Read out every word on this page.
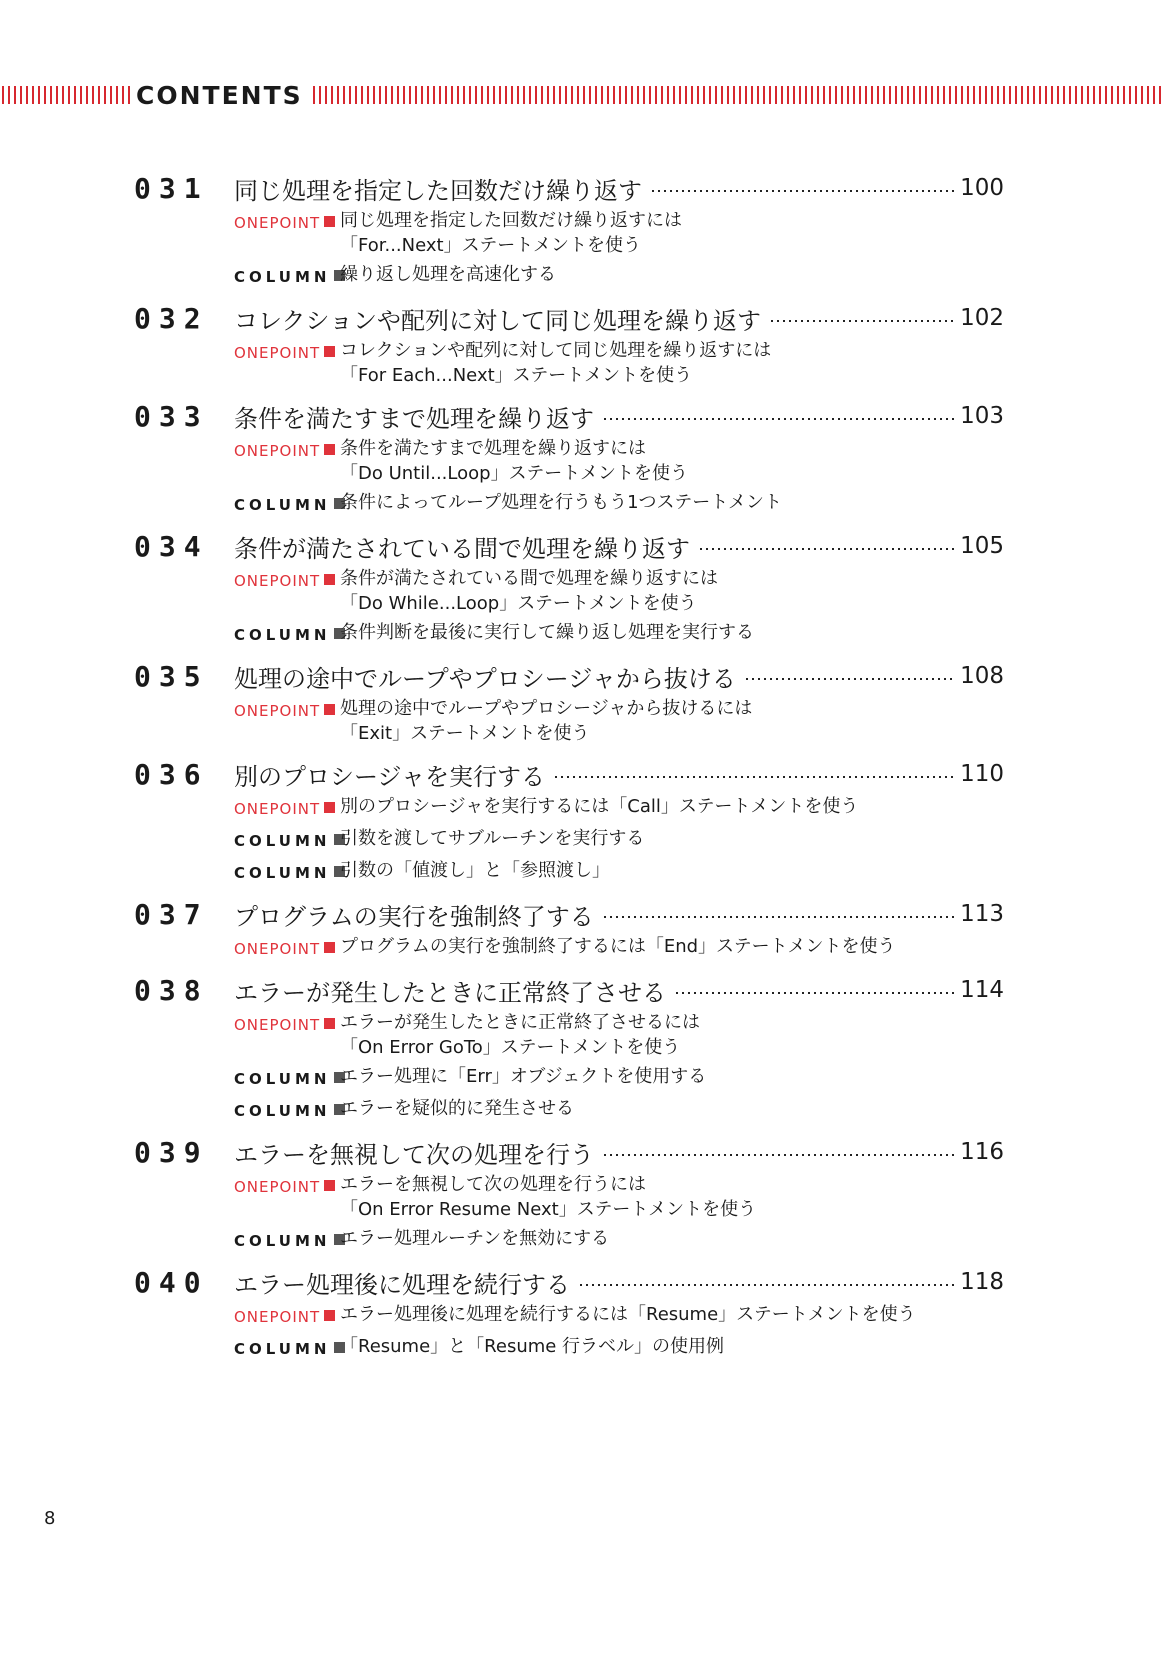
CONTENTS
031	同じ処理を指定した回数だけ繰り返す	100
ONEPOINT	同じ処理を指定した回数だけ繰り返すには
「For...Next」ステートメントを使う
COLUMN 繰り返し処理を高速化する
032	コレクションや配列に対して同じ処理を繰り返す	102
ONEPOINT	コレクションや配列に対して同じ処理を繰り返すには
「For Each...Next」ステートメントを使う
033	条件を満たすまで処理を繰り返す	103
ONEPOINT	条件を満たすまで処理を繰り返すには
「Do Until...Loop」ステートメントを使う
COLUMN 条件によってループ処理を行うもう1つステートメント
034	条件が満たされている間で処理を繰り返す	105
ONEPOINT	条件が満たされている間で処理を繰り返すには
「Do While...Loop」ステートメントを使う
COLUMN 条件判断を最後に実行して繰り返し処理を実行する
035	処理の途中でループやプロシージャから抜ける	108
ONEPOINT	処理の途中でループやプロシージャから抜けるには
「Exit」ステートメントを使う
036	別のプロシージャを実行する	110
ONEPOINT	別のプロシージャを実行するには「Call」ステートメントを使う
COLUMN 引数を渡してサブルーチンを実行する
COLUMN 引数の「値渡し」と「参照渡し」
037	プログラムの実行を強制終了する	113
ONEPOINT	プログラムの実行を強制終了するには「End」ステートメントを使う
038	エラーが発生したときに正常終了させる	114
ONEPOINT	エラーが発生したときに正常終了させるには
「On Error GoTo」ステートメントを使う
COLUMN エラー処理に「Err」オブジェクトを使用する
COLUMN エラーを疑似的に発生させる
039	エラーを無視して次の処理を行う	116
ONEPOINT	エラーを無視して次の処理を行うには
「On Error Resume Next」ステートメントを使う
COLUMN エラー処理ルーチンを無効にする
040	エラー処理後に処理を続行する	118
ONEPOINT	エラー処理後に処理を続行するには「Resume」ステートメントを使う
COLUMN 「Resume」と「Resume 行ラベル」の使用例
8
